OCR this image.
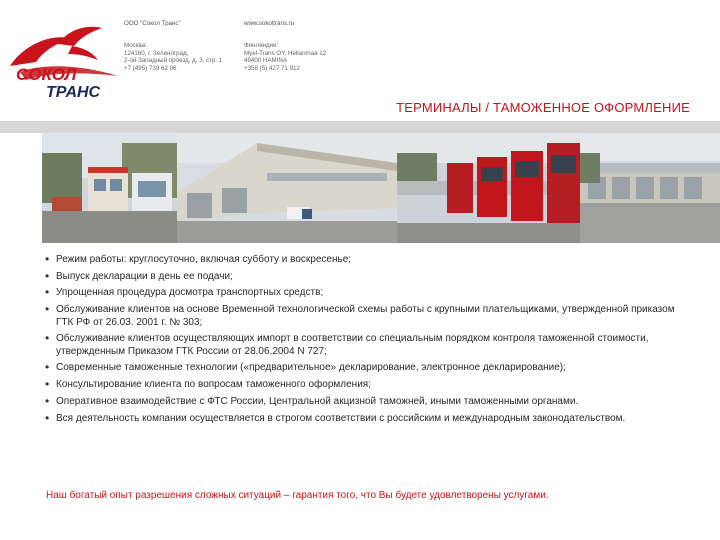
СОКОЛ
ТРАНС
ООО "Сокол Транс"	www.sokoltrans.ru
Москва:
124160, г. Зеленоград,
2-ой Западный проезд, д. 3, стр. 1
+7 (495) 739 62 06
Финляндия:
Myel-Trans OY, Hellanmaa 12
49400 HAMINA
+358 (5) 427 71 912
ТЕРМИНАЛЫ / ТАМОЖЕННОЕ ОФОРМЛЕНИЕ
• Режим работы: круглосуточно, включая субботу и воскресенье;
• Выпуск декларации в день ее подачи;
• Упрощенная процедура досмотра транспортных средств;
• Обслуживание клиентов на основе Временной технологической схемы работы с крупными плательщиками, утвержденной приказом ГТК РФ от 26.03. 2001 г. № 303;
• Обслуживание клиентов осуществляющих импорт в соответствии со специальным порядком контроля таможенной стоимости, утвержденным Приказом ГТК России от 28.06.2004 N 727;
• Современные таможенные технологии («предварительное» декларирование, электронное декларирование);
• Консультирование клиента по вопросам таможенного оформления;
• Оперативное взаимодействие с ФТС России, Центральной акцизной таможней, иными таможенными органами.
• Вся деятельность компании осуществляется в строгом соответствии с российским и международным законодательством.
Наш богатый опыт разрешения сложных ситуаций – гарантия того, что Вы будете удовлетворены услугами.
